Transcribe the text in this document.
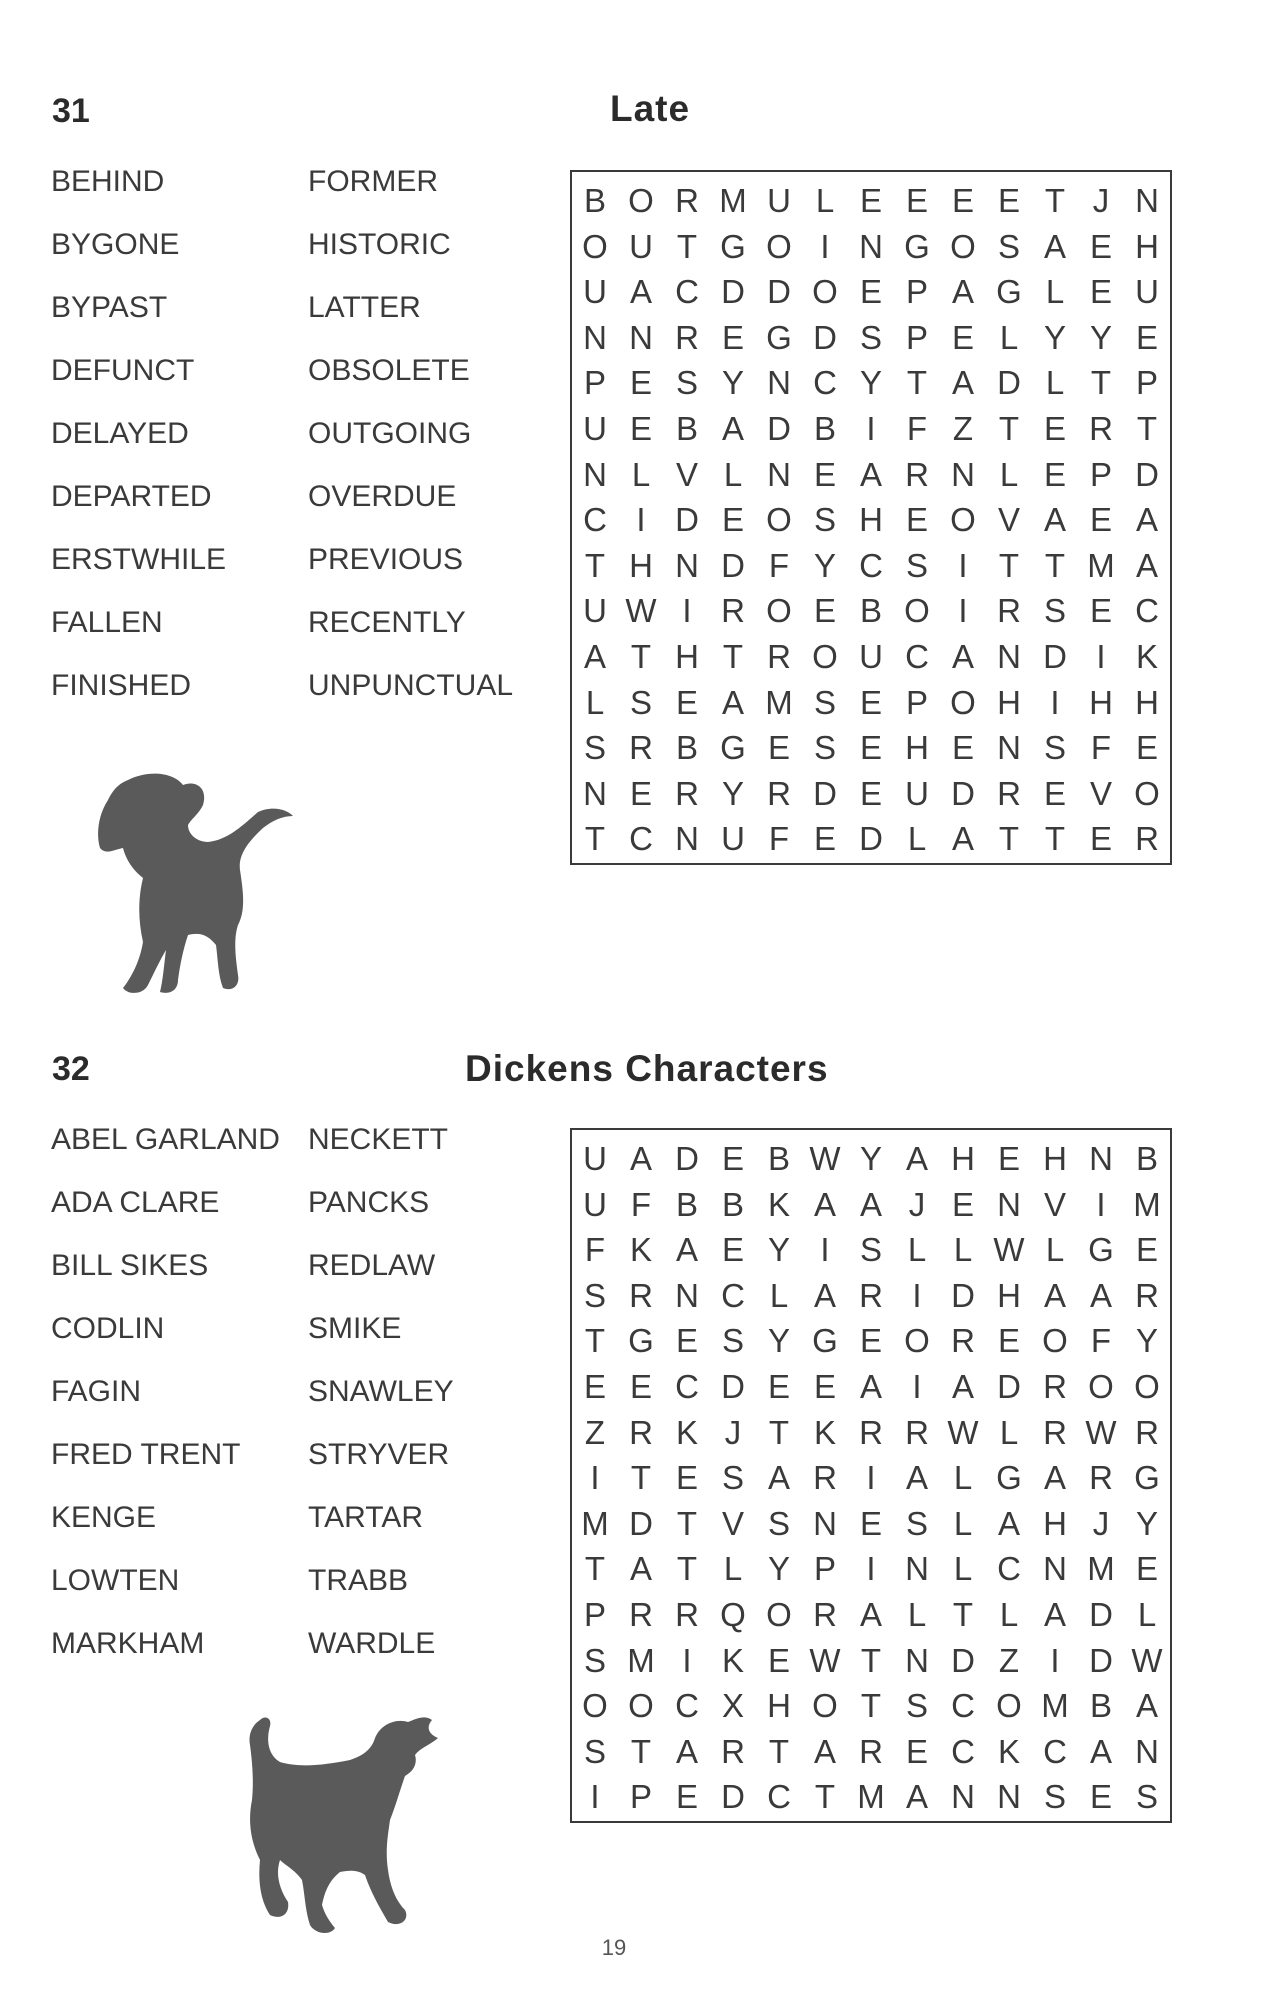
31	Late
BEHIND
BYGONE
BYPAST
DEFUNCT
DELAYED
DEPARTED
ERSTWHILE
FALLEN
FINISHED
FORMER
HISTORIC
LATTER
OBSOLETE
OUTGOING
OVERDUE
PREVIOUS
RECENTLY
UNPUNCTUAL
B O R M U L E E E E T J N
O U T G O I N G O S A E H
U A C D D O E P A G L E U
N N R E G D S P E L Y Y E
P E S Y N C Y T A D L T P
U E B A D B I F Z T E R T
N L V L N E A R N L E P D
C I D E O S H E O V A E A
T H N D F Y C S I T T M A
U W I R O E B O I R S E C
A T H T R O U C A N D I K
L S E A M S E P O H I H H
S R B G E S E H E N S F E
N E R Y R D E U D R E V O
T C N U F E D L A T T E R
32	Dickens Characters
ABEL GARLAND
ADA CLARE
BILL SIKES
CODLIN
FAGIN
FRED TRENT
KENGE
LOWTEN
MARKHAM
NECKETT
PANCKS
REDLAW
SMIKE
SNAWLEY
STRYVER
TARTAR
TRABB
WARDLE
U A D E B W Y A H E H N B
U F B B K A A J E N V I M
F K A E Y I S L L W L G E
S R N C L A R I D H A A R
T G E S Y G E O R E O F Y
E E C D E E A I A D R O O
Z R K J T K R R W L R W R
I T E S A R I A L G A R G
M D T V S N E S L A H J Y
T A T L Y P I N L C N M E
P R R Q O R A L T L A D L
S M I K E W T N D Z I D W
O O C X H O T S C O M B A
S T A R T A R E C K C A N
I P E D C T M A N N S E S
19
